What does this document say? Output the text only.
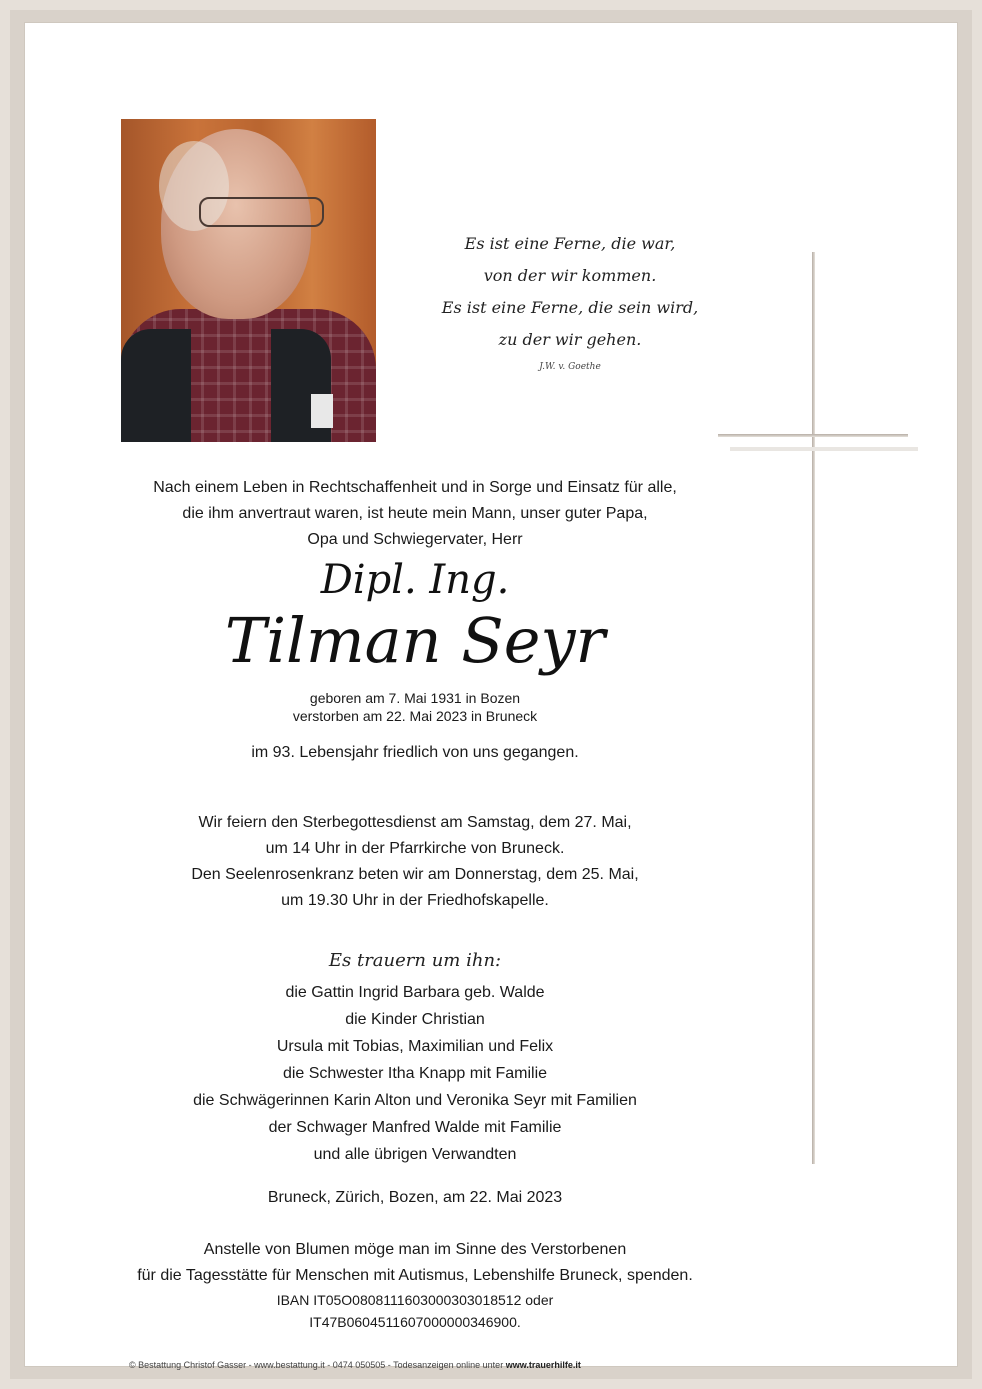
Es ist eine Ferne, die war,
von der wir kommen.
Es ist eine Ferne, die sein wird,
zu der wir gehen.
J.W. v. Goethe
Nach einem Leben in Rechtschaffenheit und in Sorge und Einsatz für alle,
die ihm anvertraut waren, ist heute mein Mann, unser guter Papa,
Opa und Schwiegervater, Herr
Dipl. Ing.
Tilman Seyr
geboren am 7. Mai 1931 in Bozen
verstorben am 22. Mai 2023 in Bruneck
im 93. Lebensjahr friedlich von uns gegangen.
Wir feiern den Sterbegottesdienst am Samstag, dem 27. Mai,
um 14 Uhr in der Pfarrkirche von Bruneck.
Den Seelenrosenkranz beten wir am Donnerstag, dem 25. Mai,
um 19.30 Uhr in der Friedhofskapelle.
Es trauern um ihn:
die Gattin Ingrid Barbara geb. Walde
die Kinder Christian
Ursula mit Tobias, Maximilian und Felix
die Schwester Itha Knapp mit Familie
die Schwägerinnen Karin Alton und Veronika Seyr mit Familien
der Schwager Manfred Walde mit Familie
und alle übrigen Verwandten
Bruneck, Zürich, Bozen, am 22. Mai 2023
Anstelle von Blumen möge man im Sinne des Verstorbenen
für die Tagesstätte für Menschen mit Autismus, Lebenshilfe Bruneck, spenden.
IBAN IT05O0808111603000303018512 oder
IT47B0604511607000000346900.
© Bestattung Christof Gasser - www.bestattung.it - 0474 050505 - Todesanzeigen online unter www.trauerhilfe.it
